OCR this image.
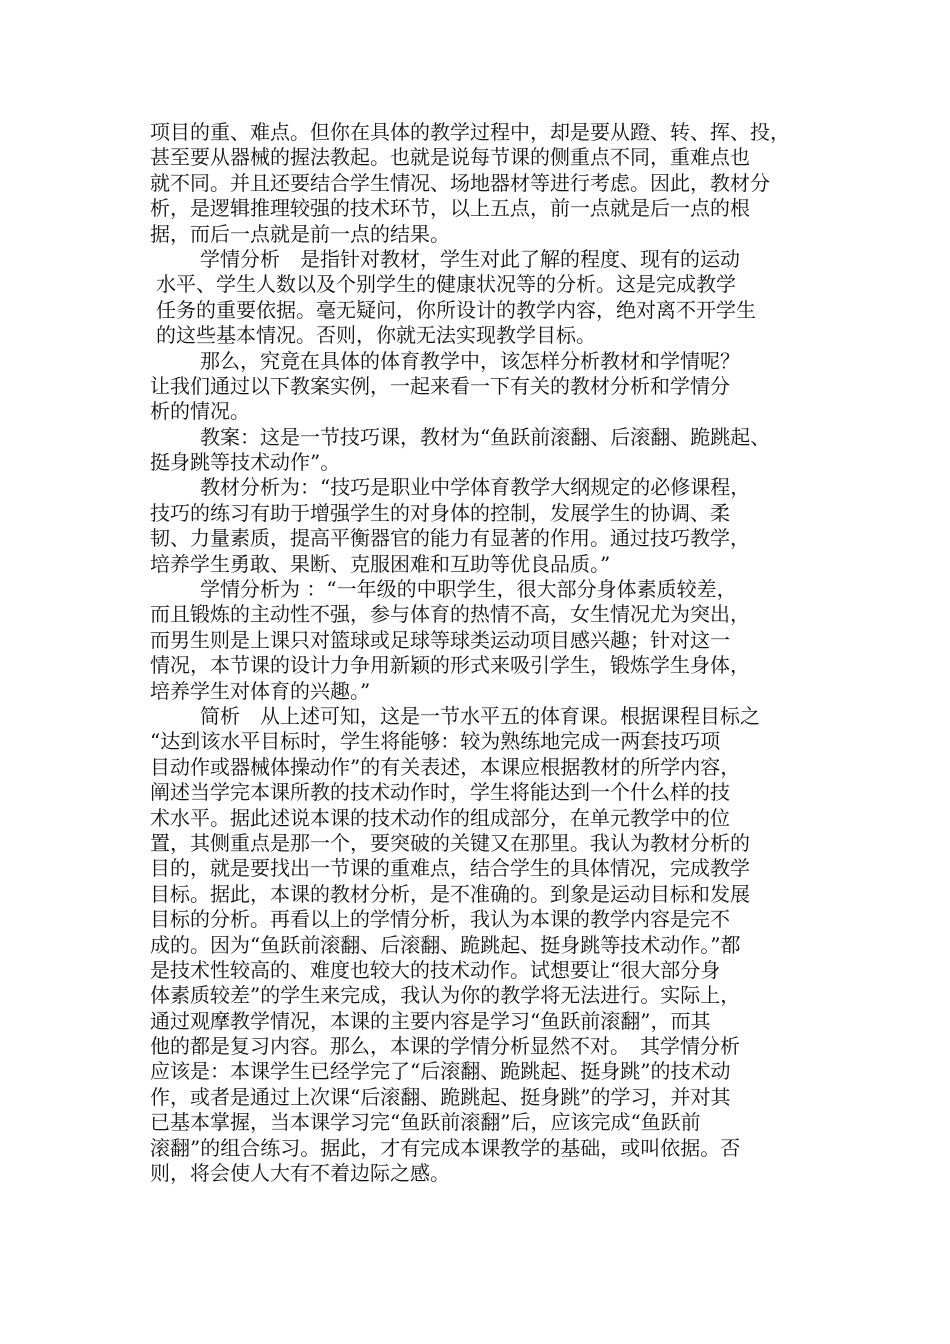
项目的重、难点。但你在具体的教学过程中，却是要从蹬、转、挥、投，
甚至要从器械的握法教起。也就是说每节课的侧重点不同，重难点也
就不同。并且还要结合学生情况、场地器材等进行考虑。因此，教材分
析，是逻辑推理较强的技术环节，以上五点，前一点就是后一点的根
据，而后一点就是前一点的结果。
学情分析　是指针对教材，学生对此了解的程度、现有的运动
水平、学生人数以及个别学生的健康状况等的分析。这是完成教学
任务的重要依据。毫无疑问，你所设计的教学内容，绝对离不开学生
的这些基本情况。否则，你就无法实现教学目标。
那么，究竟在具体的体育教学中，该怎样分析教材和学情呢？
让我们通过以下教案实例，一起来看一下有关的教材分析和学情分
析的情况。
教案：这是一节技巧课，教材为“鱼跃前滚翻、后滚翻、跪跳起、
挺身跳等技术动作”。
教材分析为：“技巧是职业中学体育教学大纲规定的必修课程，
技巧的练习有助于增强学生的对身体的控制，发展学生的协调、柔
韧、力量素质，提高平衡器官的能力有显著的作用。通过技巧教学，
培养学生勇敢、果断、克服困难和互助等优良品质。”
学情分析为 ：“一年级的中职学生，很大部分身体素质较差，
而且锻炼的主动性不强，参与体育的热情不高，女生情况尤为突出，
而男生则是上课只对篮球或足球等球类运动项目感兴趣；针对这一
情况，本节课的设计力争用新颖的形式来吸引学生，锻炼学生身体，
培养学生对体育的兴趣。”
简析　从上述可知，这是一节水平五的体育课。根据课程目标之
“达到该水平目标时，学生将能够：较为熟练地完成一两套技巧项
目动作或器械体操动作”的有关表述，本课应根据教材的所学内容，
阐述当学完本课所教的技术动作时，学生将能达到一个什么样的技
术水平。据此述说本课的技术动作的组成部分，在单元教学中的位
置，其侧重点是那一个，要突破的关键又在那里。我认为教材分析的
目的，就是要找出一节课的重难点，结合学生的具体情况，完成教学
目标。据此，本课的教材分析，是不准确的。到象是运动目标和发展
目标的分析。再看以上的学情分析，我认为本课的教学内容是完不
成的。因为“鱼跃前滚翻、后滚翻、跪跳起、挺身跳等技术动作。”都
是技术性较高的、难度也较大的技术动作。试想要让“很大部分身
体素质较差”的学生来完成，我认为你的教学将无法进行。实际上，
通过观摩教学情况，本课的主要内容是学习“鱼跃前滚翻”，而其
他的都是复习内容。那么，本课的学情分析显然不对。　其学情分析
应该是：本课学生已经学完了“后滚翻、跪跳起、挺身跳”的技术动
作，或者是通过上次课“后滚翻、跪跳起、挺身跳”的学习，并对其
已基本掌握，当本课学习完“鱼跃前滚翻”后，应该完成“鱼跃前
滚翻”的组合练习。据此，才有完成本课教学的基础，或叫依据。否
则，将会使人大有不着边际之感。
